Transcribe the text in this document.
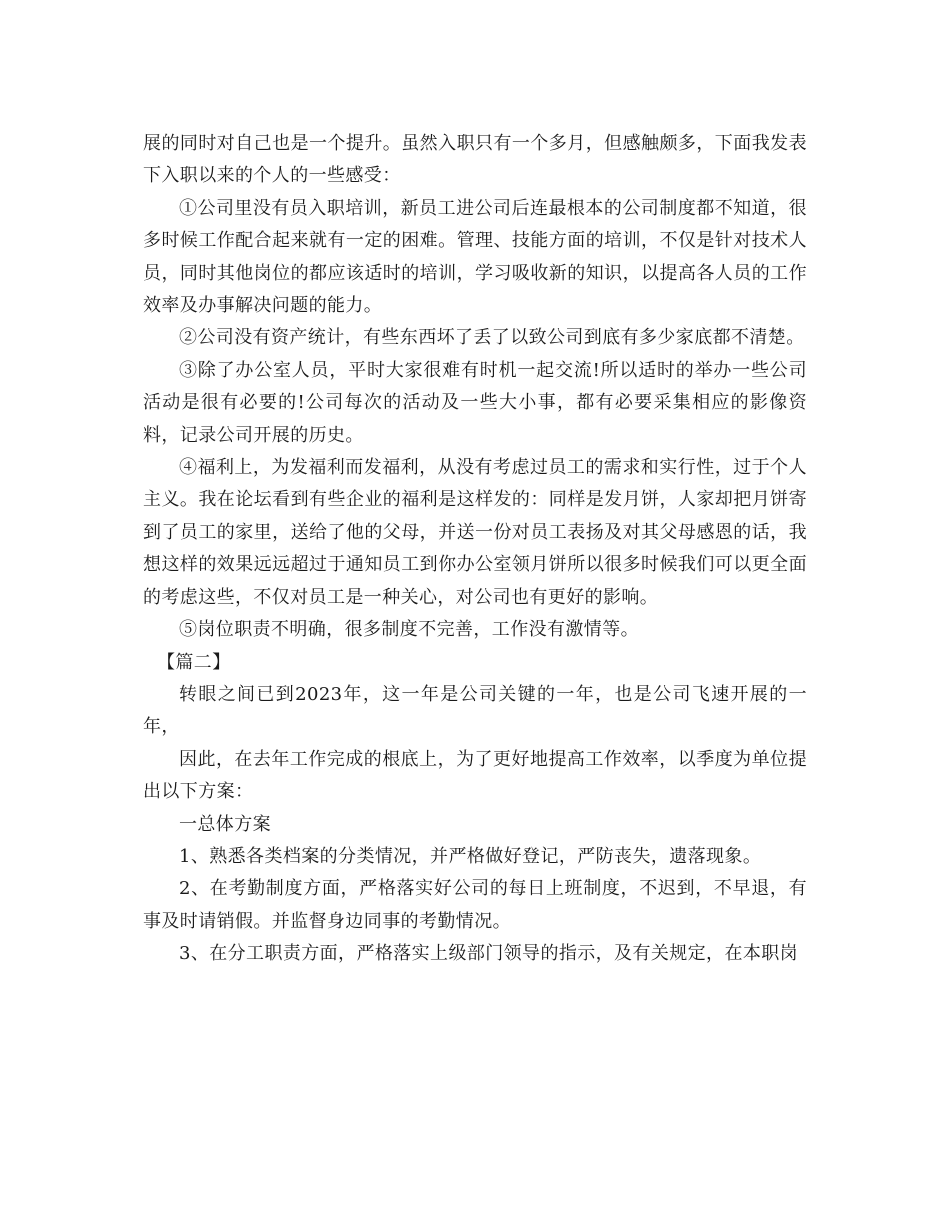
展的同时对自己也是一个提升。虽然入职只有一个多月，但感触颇多，下面我发表下入职以来的个人的一些感受：

①公司里没有员入职培训，新员工进公司后连最根本的公司制度都不知道，很多时候工作配合起来就有一定的困难。管理、技能方面的培训，不仅是针对技术人员，同时其他岗位的都应该适时的培训，学习吸收新的知识，以提高各人员的工作效率及办事解决问题的能力。

②公司没有资产统计，有些东西坏了丢了以致公司到底有多少家底都不清楚。

③除了办公室人员，平时大家很难有时机一起交流!所以适时的举办一些公司活动是很有必要的!公司每次的活动及一些大小事，都有必要采集相应的影像资料，记录公司开展的历史。

④福利上，为发福利而发福利，从没有考虑过员工的需求和实行性，过于个人主义。我在论坛看到有些企业的福利是这样发的：同样是发月饼，人家却把月饼寄到了员工的家里，送给了他的父母，并送一份对员工表扬及对其父母感恩的话，我想这样的效果远远超过于通知员工到你办公室领月饼所以很多时候我们可以更全面的考虑这些，不仅对员工是一种关心，对公司也有更好的影响。

⑤岗位职责不明确，很多制度不完善，工作没有激情等。

【篇二】

转眼之间已到2023年，这一年是公司关键的一年，也是公司飞速开展的一年，

因此，在去年工作完成的根底上，为了更好地提高工作效率，以季度为单位提出以下方案：

一总体方案

1、熟悉各类档案的分类情况，并严格做好登记，严防丧失，遗落现象。

2、在考勤制度方面，严格落实好公司的每日上班制度，不迟到，不早退，有事及时请销假。并监督身边同事的考勤情况。

3、在分工职责方面，严格落实上级部门领导的指示，及有关规定，在本职岗
